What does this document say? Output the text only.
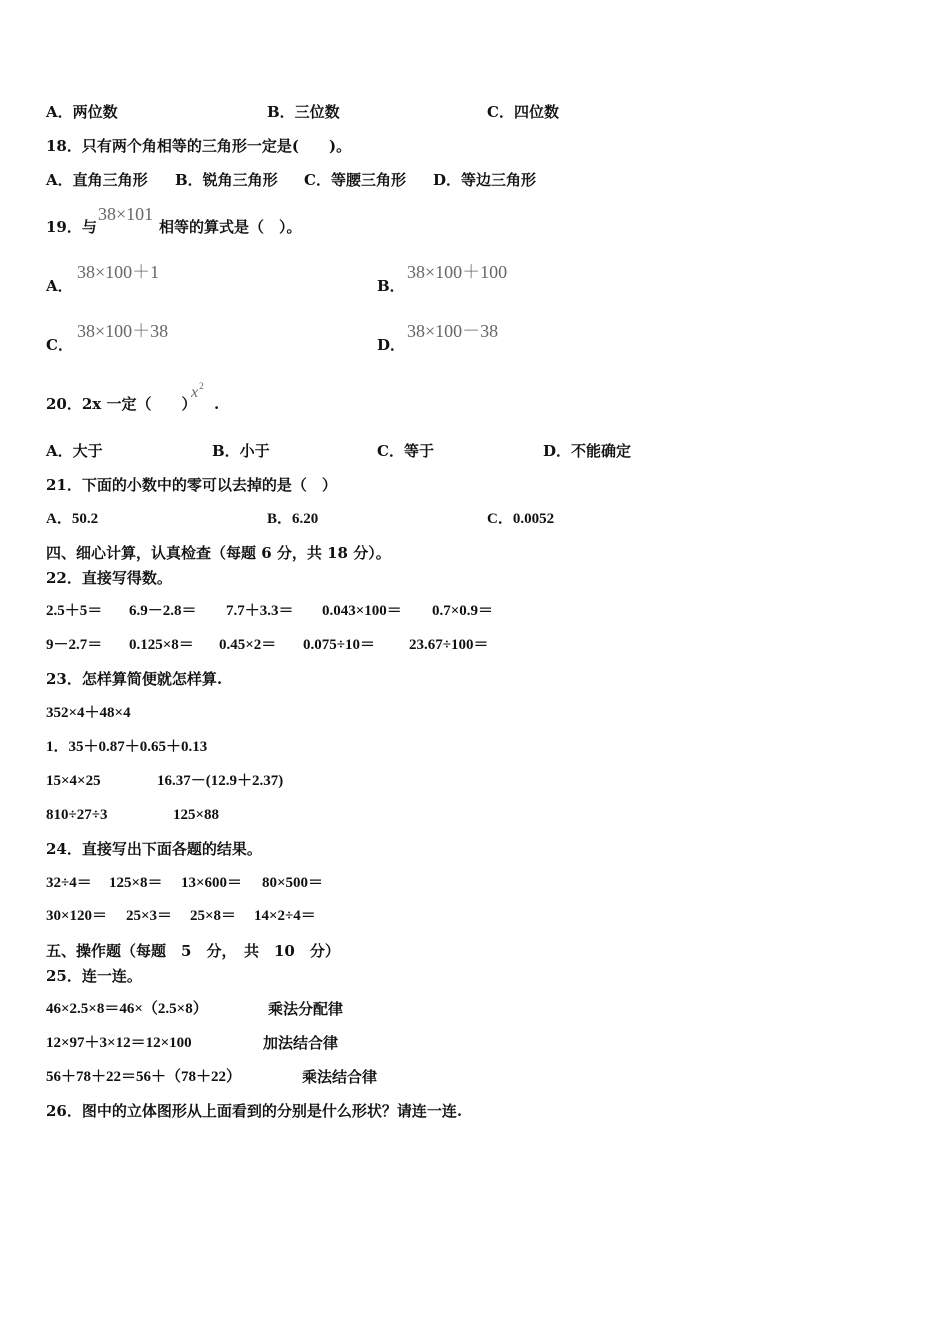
A．两位数	B．三位数	C．四位数
18．只有两个角相等的三角形一定是(　　)。
A．直角三角形 B．锐角三角形 C．等腰三角形 D．等边三角形
19．与
38×101
相等的算式是（　）。
A．
38×100＋1
B．
38×100＋100
C．
38×100＋38
D．
38×100－38
20．2x 一定（　　）
$x^2$
.
A．大于	B．小于	C．等于	D．不能确定
21．下面的小数中的零可以去掉的是（　）
A．50.2	B．6.20	C．0.0052
四、细心计算，认真检查（每题 6 分，共 18 分）。
22．直接写得数。
2.5＋5＝ 6.9－2.8＝ 7.7＋3.3＝ 0.043×100＝ 0.7×0.9＝
9－2.7＝ 0.125×8＝ 0.45×2＝ 0.075÷10＝ 23.67÷100＝
23．怎样算简便就怎样算.
352×4＋48×4
1．35＋0.87＋0.65＋0.13
15×4×25	16.37－(12.9＋2.37)
810÷27÷3	125×88
24．直接写出下面各题的结果。
32÷4＝ 125×8＝ 13×600＝ 80×500＝
30×120＝ 25×3＝ 25×8＝ 14×2÷4＝
五、操作题（每题　5　分，　共　10　分）
25．连一连。
46×2.5×8＝46×（2.5×8）	乘法分配律
12×97＋3×12＝12×100	加法结合律
56＋78＋22＝56＋（78＋22）	乘法结合律
26．图中的立体图形从上面看到的分别是什么形状？请连一连.
